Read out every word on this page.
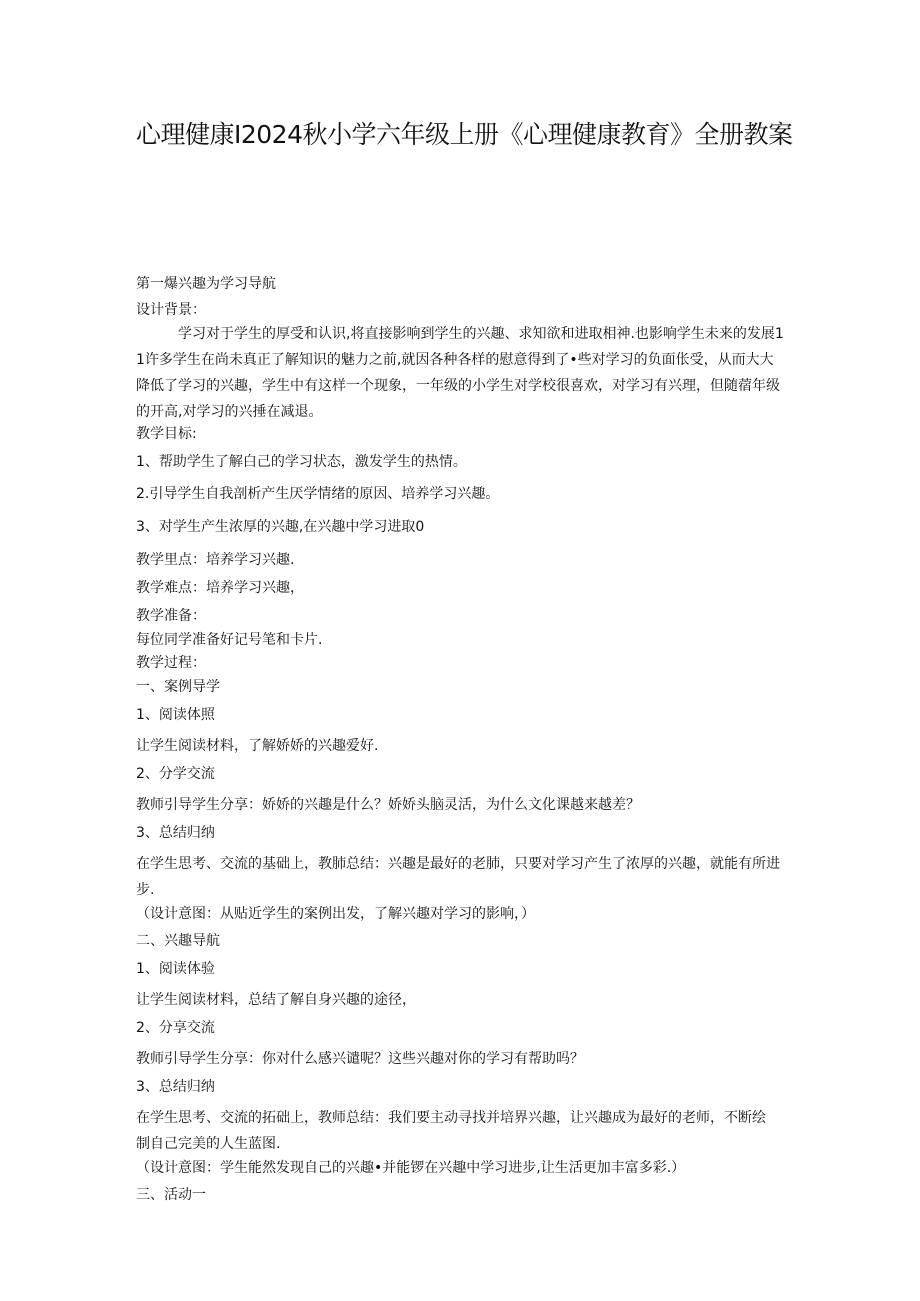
心理健康I2024秋小学六年级上册《心理健康教育》全册教案

第一爆兴趣为学习导航

设计背景：

学习对于学生的厚受和认识,将直接影响到学生的兴趣、求知欲和进取相神.也影响学生未来的发展11许多学生在尚未真正了解知识的魅力之前,就因各种各样的慰意得到了•些对学习的负面伥受，从而大大降低了学习的兴趣，学生中有这样一个现象，一年级的小学生对学校很喜欢，对学习有兴理，但随蓿年级的开高,对学习的兴捶在减退。

教学目标:

1、帮助学生了解白己的学习状态，激发学生的热情。

2.引导学生自我剖析产生厌学情绪的原因、培养学习兴趣。

3、对学生产生浓厚的兴趣,在兴趣中学习进取0

教学里点：培养学习兴趣.

教学难点：培养学习兴趣，

教学准备：

每位同学准备好记号笔和卡片.

教学过程：

一、案例导学

1、阅读体照

让学生阅读材料，了解娇娇的兴趣爱好.

2、分学交流

教师引导学生分享：娇娇的兴趣是什么？娇娇头脑灵活，为什么文化课越来越差？

3、总结归纳

在学生思考、交流的基础上，教肺总结：兴趣是最好的老肺，只要对学习产生了浓厚的兴趣，就能有所进步.

（设计意图：从贴近学生的案例出发，了解兴趣对学习的影响，）

二、兴趣导航

1、阅读体验

让学生阅读材料，总结了解自身兴趣的途径，

2、分享交流

教师引导学生分享：你对什么感兴谴呢？这些兴趣对你的学习有帮助吗？

3、总结归纳

在学生思考、交流的拓础上，教师总结：我们要主动寻找并培界兴趣，让兴趣成为最好的老师，不断绘制自己完美的人生蓝图.

（设计意图：学生能然发现自己的兴趣•并能锣在兴趣中学习进步,让生活更加丰富多彩.）

三、活动一
